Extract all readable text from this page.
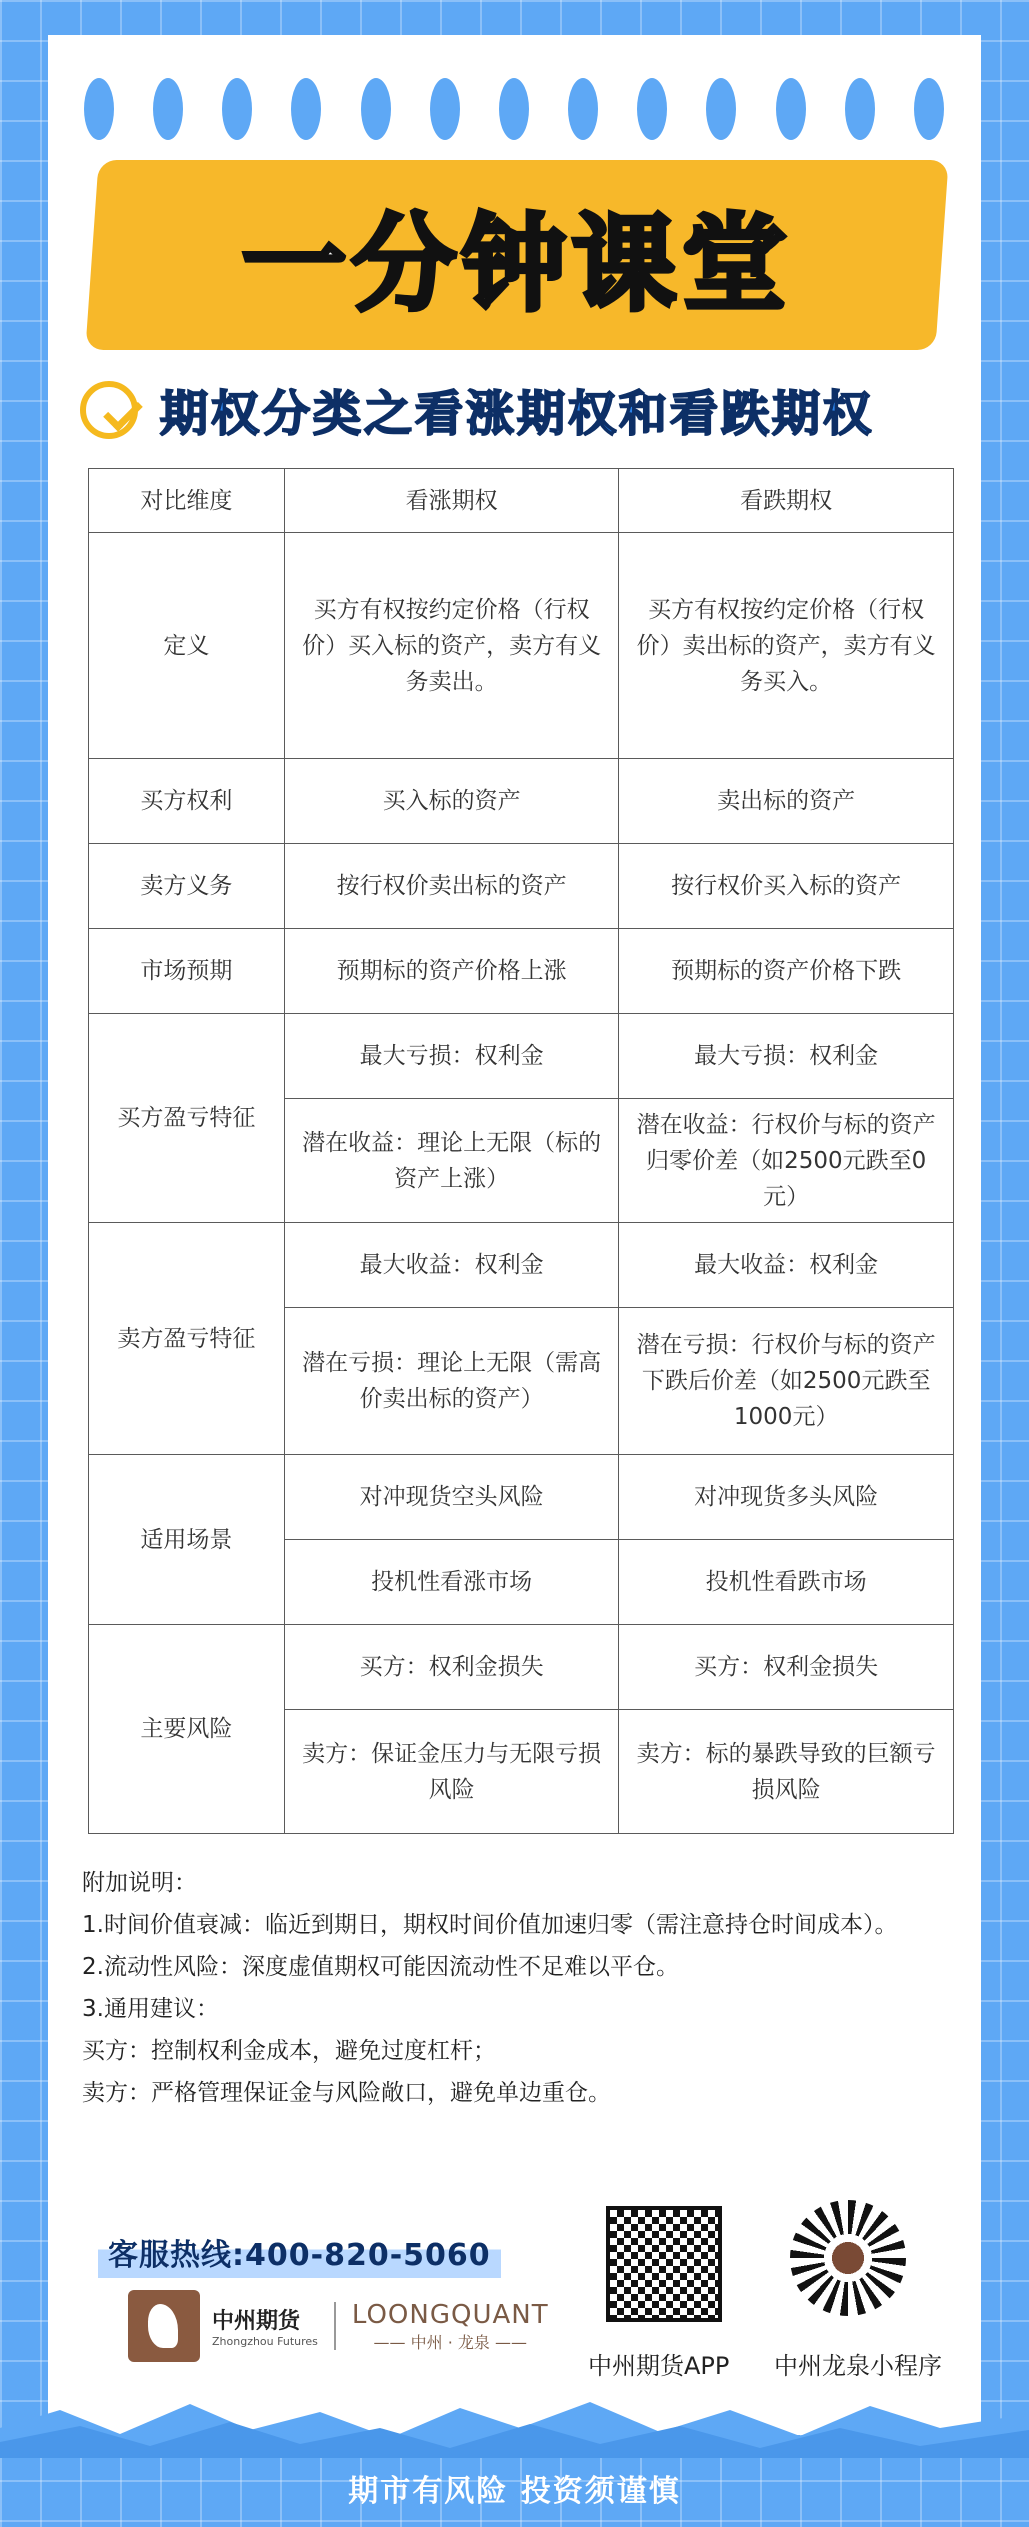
一分钟课堂
期权分类之看涨期权和看跌期权
对比维度	看涨期权	看跌期权
定义	买方有权按约定价格（行权价）买入标的资产，卖方有义务卖出。	买方有权按约定价格（行权价）卖出标的资产，卖方有义务买入。
买方权利	买入标的资产	卖出标的资产
卖方义务	按行权价卖出标的资产	按行权价买入标的资产
市场预期	预期标的资产价格上涨	预期标的资产价格下跌
买方盈亏特征	最大亏损：权利金	最大亏损：权利金
	潜在收益：理论上无限（标的资产上涨）	潜在收益：行权价与标的资产归零价差（如2500元跌至0元）
卖方盈亏特征	最大收益：权利金	最大收益：权利金
	潜在亏损：理论上无限（需高价卖出标的资产）	潜在亏损：行权价与标的资产下跌后价差（如2500元跌至1000元）
适用场景	对冲现货空头风险	对冲现货多头风险
	投机性看涨市场	投机性看跌市场
主要风险	买方：权利金损失	买方：权利金损失
	卖方：保证金压力与无限亏损风险	卖方：标的暴跌导致的巨额亏损风险
附加说明：
1.时间价值衰减：临近到期日，期权时间价值加速归零（需注意持仓时间成本）。
2.流动性风险：深度虚值期权可能因流动性不足难以平仓。
3.通用建议：
买方：控制权利金成本，避免过度杠杆；
卖方：严格管理保证金与风险敞口，避免单边重仓。
客服热线:400-820-5060
中州期货
Zhongzhou Futures
LOONGQUANT
—— 中州 · 龙泉 ——
中州期货APP 中州龙泉小程序
期市有风险 投资须谨慎
